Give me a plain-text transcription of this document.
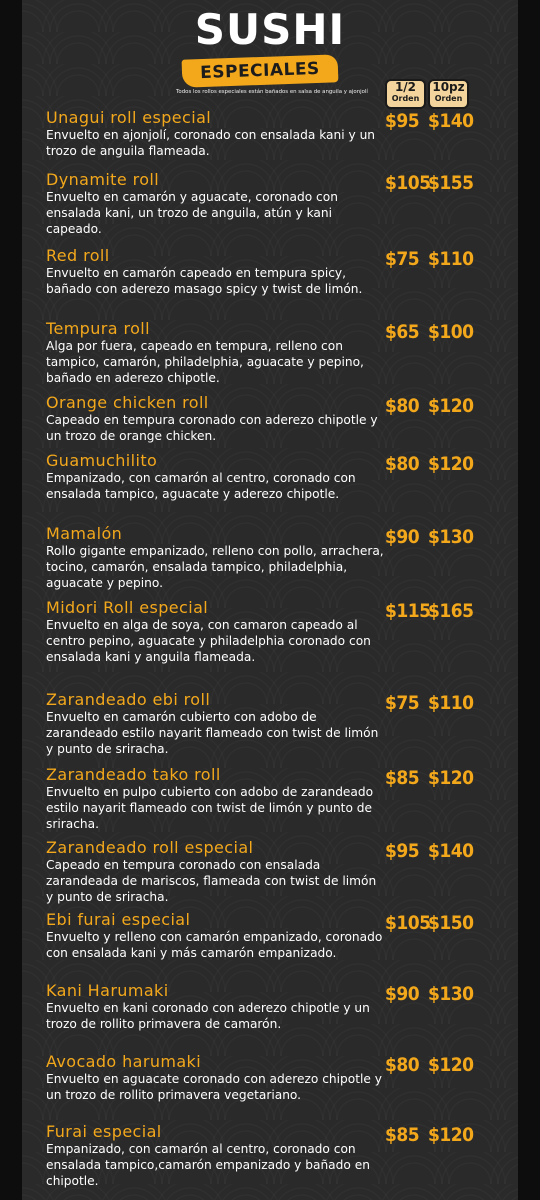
SUSHI
ESPECIALES
Todos los rollos especiales están bañados en salsa de anguila y ajonjolí	1/2
Orden
10pz
Orden
Unagui roll especial
Envuelto en ajonjolí, coronado con ensalada kani y un trozo de anguila flameada.
$95 $140
Dynamite roll
Envuelto en camarón y aguacate, coronado con ensalada kani, un trozo de anguila, atún y kani capeado.
$105
$155
Red roll
Envuelto en camarón capeado en tempura spicy, bañado con aderezo masago spicy y twist de limón.
$75 $110
Tempura roll
Alga por fuera, capeado en tempura, relleno con tampico, camarón, philadelphia, aguacate y pepino, bañado en aderezo chipotle.
$65 $100
Orange chicken roll
Capeado en tempura coronado con aderezo chipotle y un trozo de orange chicken.
$80 $120
Guamuchilito
Empanizado, con camarón al centro, coronado con ensalada tampico, aguacate y aderezo chipotle.
$80 $120
Mamalón
Rollo gigante empanizado, relleno con pollo, arrachera, tocino, camarón, ensalada tampico, philadelphia, aguacate y pepino.
$90 $130
Midori Roll especial
Envuelto en alga de soya, con camaron capeado al centro pepino, aguacate y philadelphia coronado con ensalada kani y anguila flameada.
$115
$165
Zarandeado ebi roll
Envuelto en camarón cubierto con adobo de zarandeado estilo nayarit flameado con twist de limón y punto de sriracha.
$75 $110
Zarandeado tako roll
Envuelto en pulpo cubierto con adobo de zarandeado estilo nayarit flameado con twist de limón y punto de sriracha.
$85 $120
Zarandeado roll especial
Capeado en tempura coronado con ensalada zarandeada de mariscos, flameada con twist de limón y punto de sriracha.
$95 $140
Ebi furai especial
Envuelto y relleno con camarón empanizado, coronado con ensalada kani y más camarón empanizado.
$105
$150
Kani Harumaki
Envuelto en kani coronado con aderezo chipotle y un trozo de rollito primavera de camarón.
$90 $130
Avocado harumaki
Envuelto en aguacate coronado con aderezo chipotle y un trozo de rollito primavera vegetariano.
$80 $120
Furai especial
Empanizado, con camarón al centro, coronado con ensalada tampico,camarón empanizado y bañado en chipotle.
$85 $120
